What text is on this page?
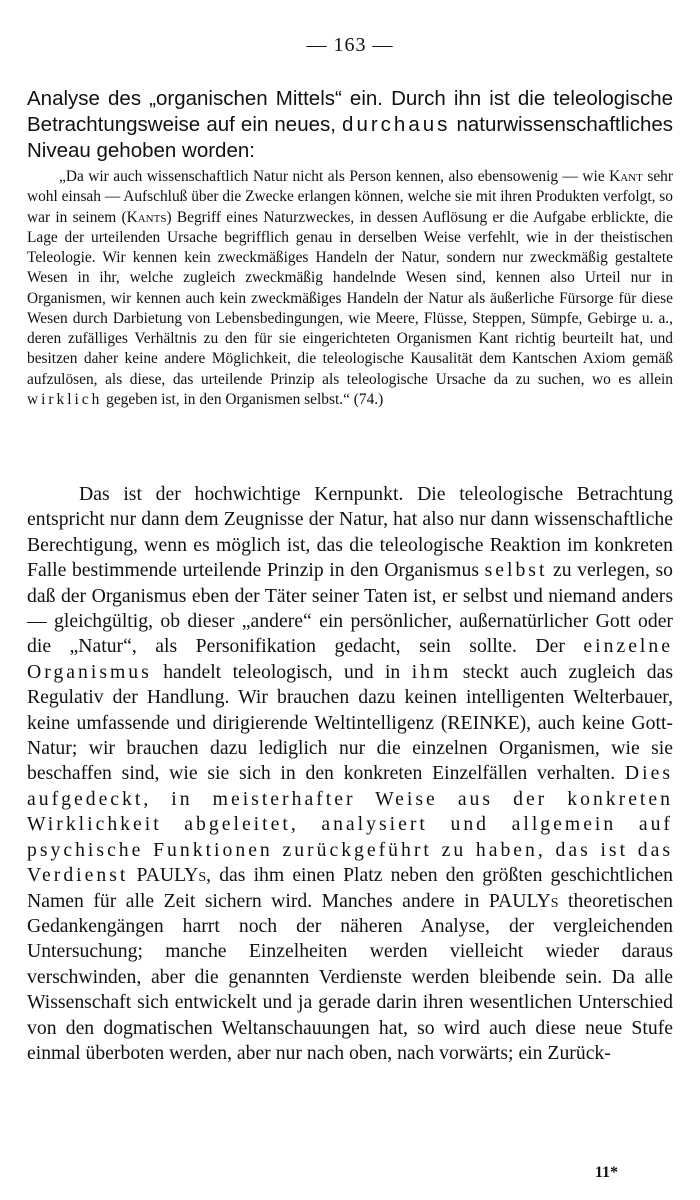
— 163 —
Analyse des „organischen Mittels“ ein. Durch ihn ist die teleologische Betrachtungsweise auf ein neues, durchaus naturwissenschaftliches Niveau gehoben worden:

„Da wir auch wissenschaftlich Natur nicht als Person kennen, also ebensowenig — wie Kant sehr wohl einsah — Aufschluß über die Zwecke erlangen können, welche sie mit ihren Produkten verfolgt, so war in seinem (Kants) Begriff eines Naturzweckes, in dessen Auflösung er die Aufgabe erblickte, die Lage der urteilenden Ursache begrifflich genau in derselben Weise verfehlt, wie in der theistischen Teleologie. Wir kennen kein zweckmäßiges Handeln der Natur, sondern nur zweckmäßig gestaltete Wesen in ihr, welche zugleich zweckmäßig handelnde Wesen sind, kennen also Urteil nur in Organismen, wir kennen auch kein zweckmäßiges Handeln der Natur als äußerliche Fürsorge für diese Wesen durch Darbietung von Lebensbedingungen, wie Meere, Flüsse, Steppen, Sümpfe, Gebirge u. a., deren zufälliges Verhältnis zu den für sie eingerichteten Organismen Kant richtig beurteilt hat, und besitzen daher keine andere Möglichkeit, die teleologische Kausalität dem Kantschen Axiom gemäß aufzulösen, als diese, das urteilende Prinzip als teleologische Ursache da zu suchen, wo es allein wirklich gegeben ist, in den Organismen selbst.“ (74.)

Das ist der hochwichtige Kernpunkt. Die teleologische Betrachtung entspricht nur dann dem Zeugnisse der Natur, hat also nur dann wissenschaftliche Berechtigung, wenn es möglich ist, das die teleologische Reaktion im konkreten Falle bestimmende urteilende Prinzip in den Organismus selbst zu verlegen, so daß der Organismus eben der Täter seiner Taten ist, er selbst und niemand anders — gleichgültig, ob dieser „andere“ ein persönlicher, außernatürlicher Gott oder die „Natur“, als Personifikation gedacht, sein sollte. Der einzelne Organismus handelt teleologisch, und in ihm steckt auch zugleich das Regulativ der Handlung. Wir brauchen dazu keinen intelligenten Welterbauer, keine umfassende und dirigierende Weltintelligenz (REINKE), auch keine Gott-Natur; wir brauchen dazu lediglich nur die einzelnen Organismen, wie sie beschaffen sind, wie sie sich in den konkreten Einzelfällen verhalten. Dies aufgedeckt, in meisterhafter Weise aus der konkreten Wirklichkeit abgeleitet, analysiert und allgemein auf psychische Funktionen zurückgeführt zu haben, das ist das Verdienst PAULYs, das ihm einen Platz neben den größten geschichtlichen Namen für alle Zeit sichern wird. Manches andere in PAULYs theoretischen Gedankengängen harrt noch der näheren Analyse, der vergleichenden Untersuchung; manche Einzelheiten werden vielleicht wieder daraus verschwinden, aber die genannten Verdienste werden bleibende sein. Da alle Wissenschaft sich entwickelt und ja gerade darin ihren wesentlichen Unterschied von den dogmatischen Weltanschauungen hat, so wird auch diese neue Stufe einmal überboten werden, aber nur nach oben, nach vorwärts; ein Zurück-

11*
